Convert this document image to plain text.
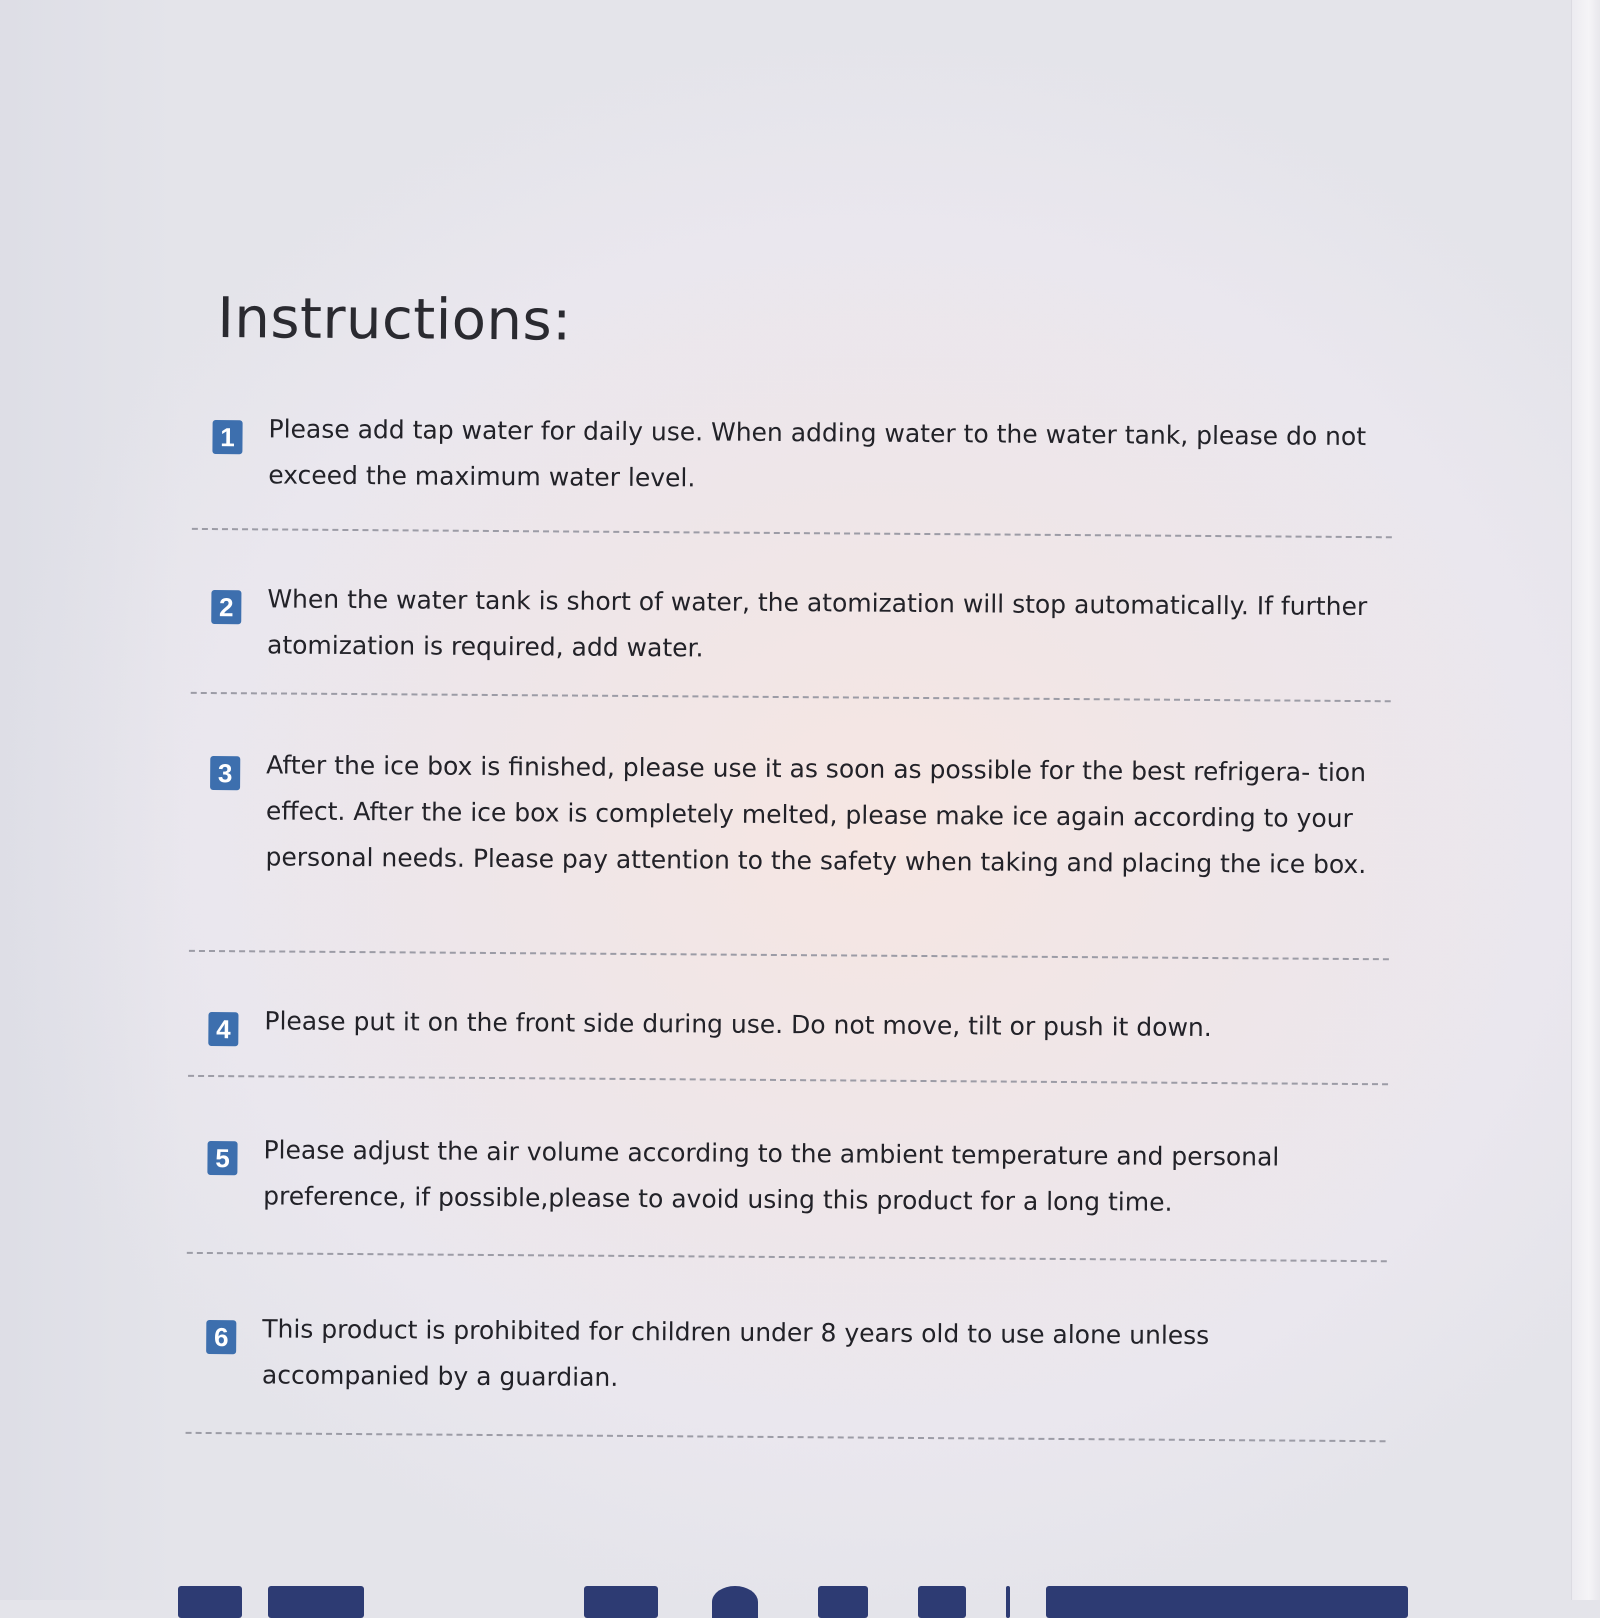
Instructions:
1	Please add tap water for daily use. When adding water to the water tank, please do not exceed the maximum water level.

2	When the water tank is short of water, the atomization will stop automatically. If further atomization is required, add water.

3	After the ice box is finished, please use it as soon as possible for the best refrigera- tion effect. After the ice box is completely melted, please make ice again according to your personal needs. Please pay attention to the safety when taking and placing the ice box.

4	Please put it on the front side during use. Do not move, tilt or push it down.

5	Please adjust the air volume according to the ambient temperature and personal preference, if possible,please to avoid using this product for a long time.

6	This product is prohibited for children under 8 years old to use alone unless accompanied by a guardian.
